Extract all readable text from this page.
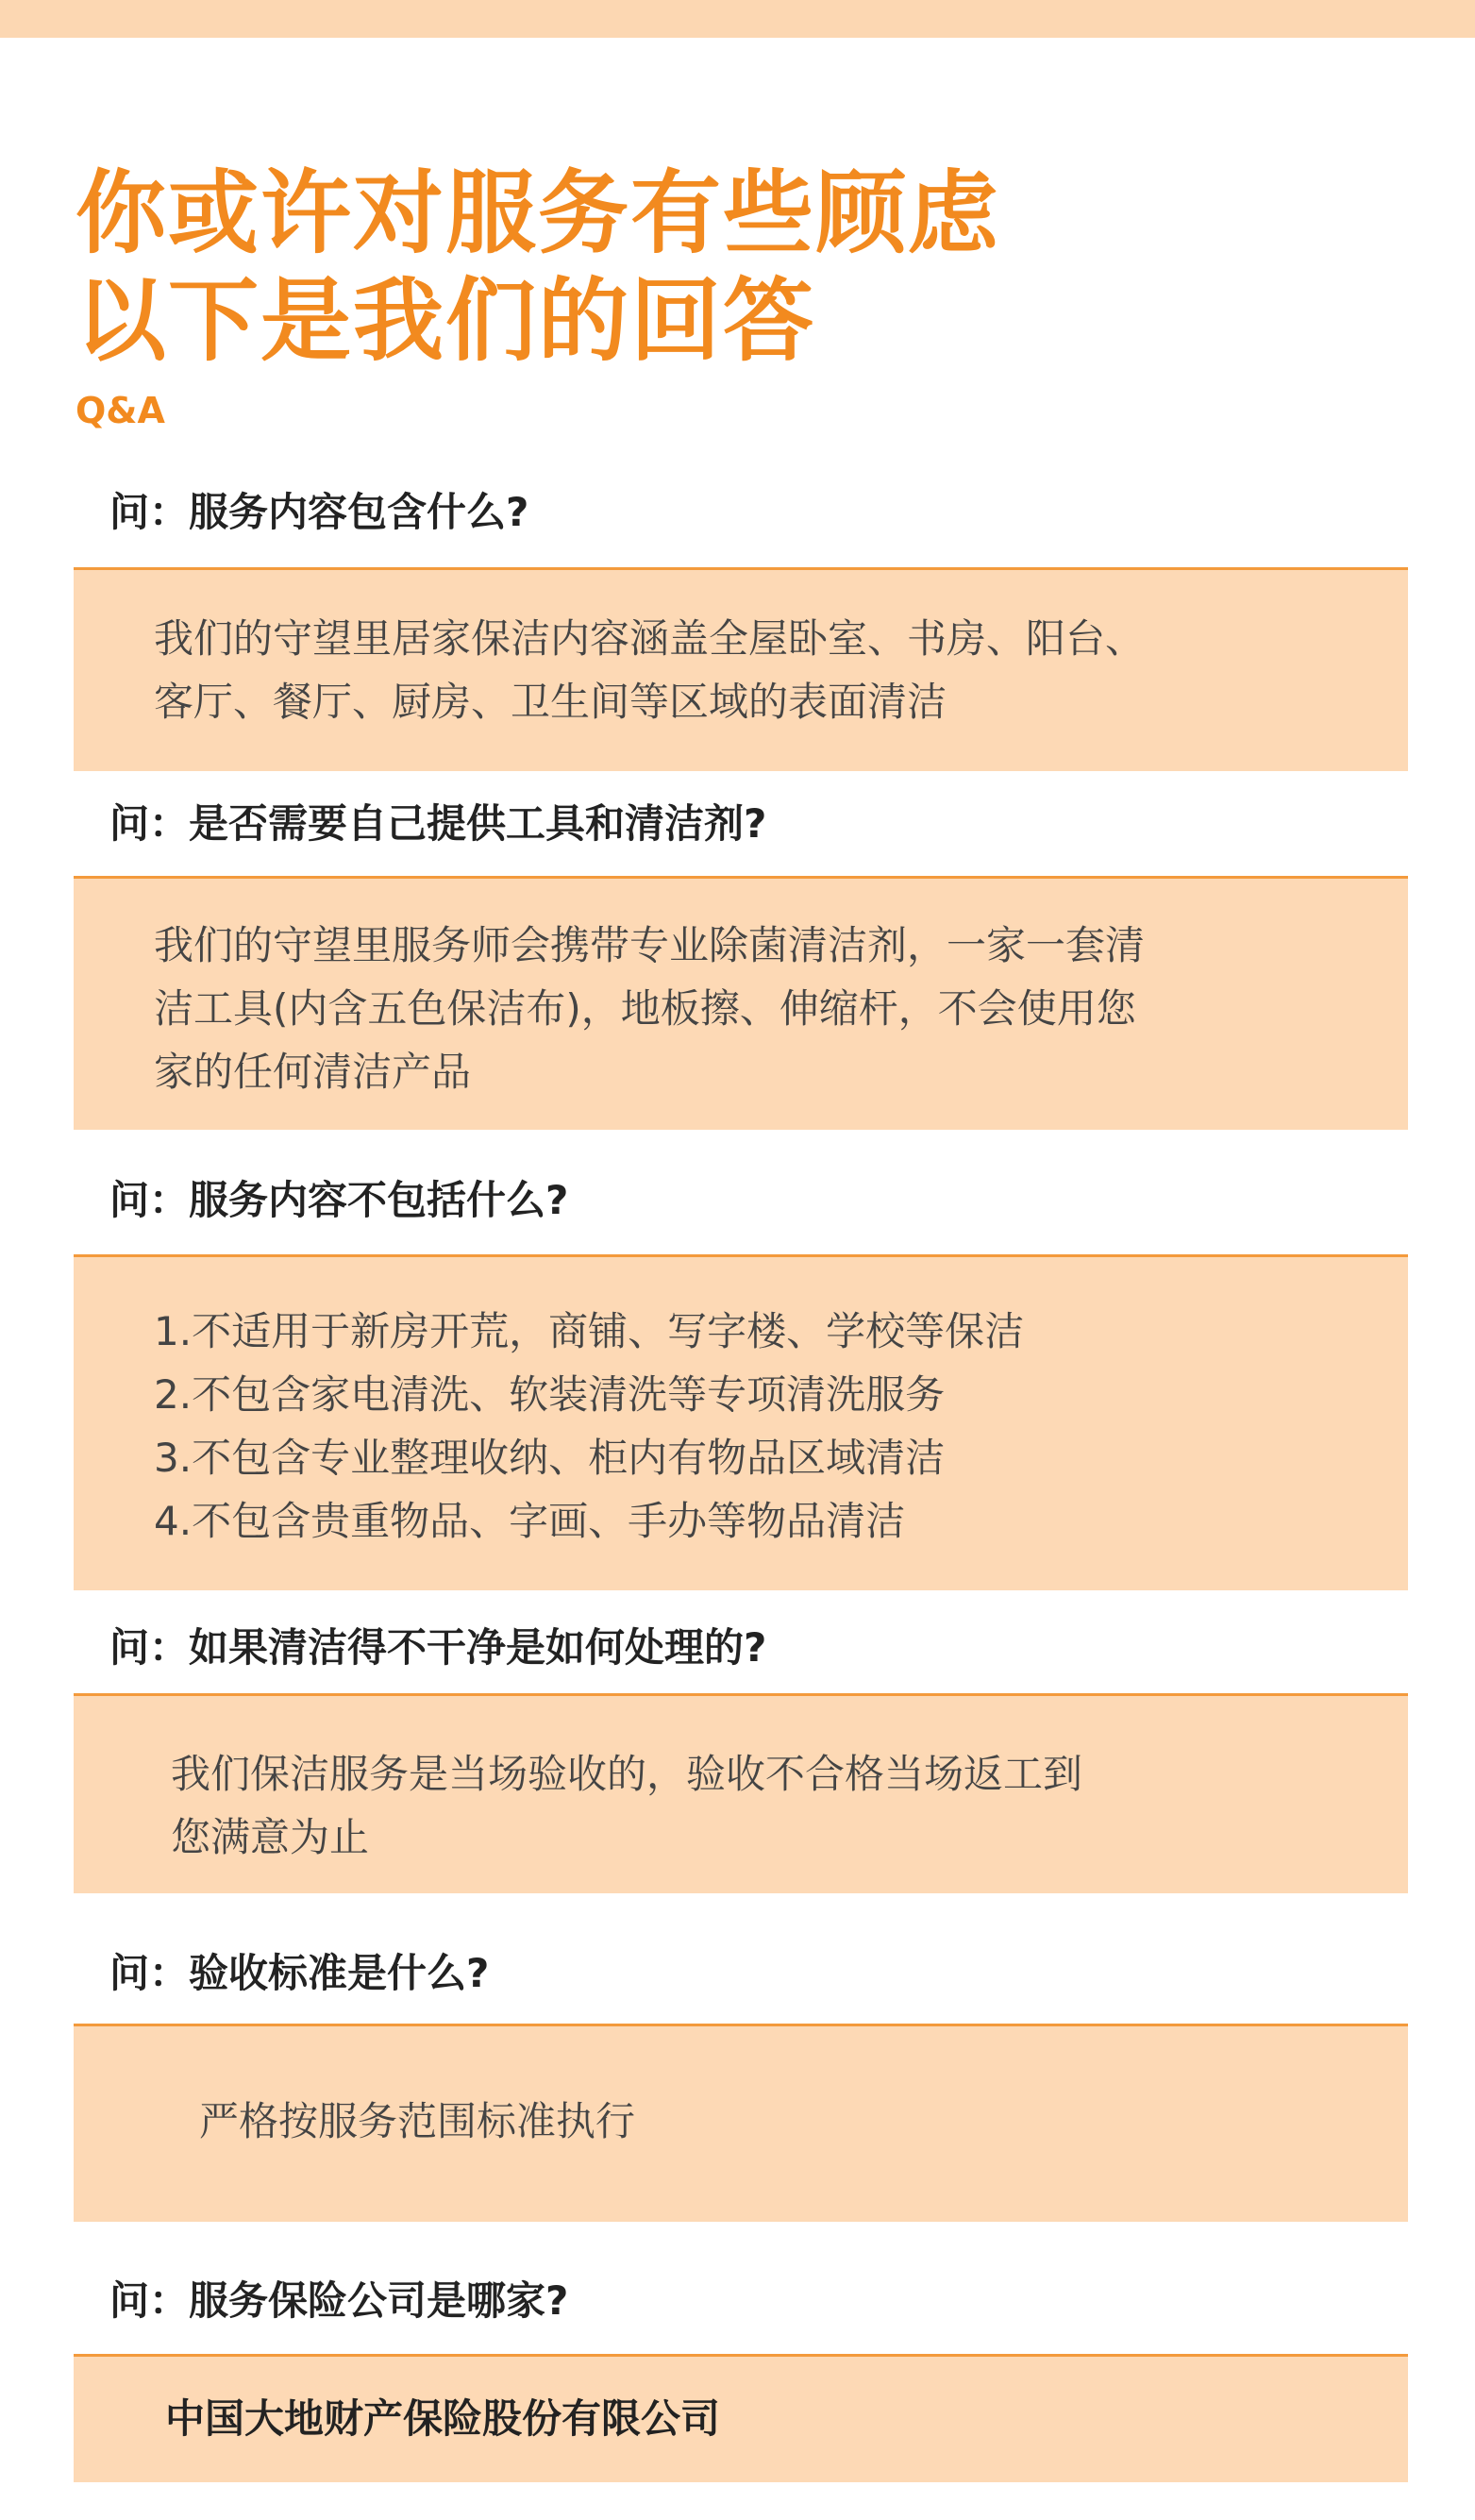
你或许对服务有些顾虑
以下是我们的回答
Q&A
问：服务内容包含什么?
我们的守望里居家保洁内容涵盖全屋卧室、书房、阳台、
客厅、餐厅、厨房、卫生间等区域的表面清洁
问：是否需要自己提供工具和清洁剂?
我们的守望里服务师会携带专业除菌清洁剂，一家一套清
洁工具(内含五色保洁布)，地板擦、伸缩杆，不会使用您
家的任何清洁产品
问：服务内容不包括什么?
1.不适用于新房开荒，商铺、写字楼、学校等保洁
2.不包含家电清洗、软装清洗等专项清洗服务
3.不包含专业整理收纳、柜内有物品区域清洁
4.不包含贵重物品、字画、手办等物品清洁
问：如果清洁得不干净是如何处理的?
我们保洁服务是当场验收的，验收不合格当场返工到
您满意为止
问：验收标准是什么?
严格按服务范围标准执行
问：服务保险公司是哪家?
中国大地财产保险股份有限公司
